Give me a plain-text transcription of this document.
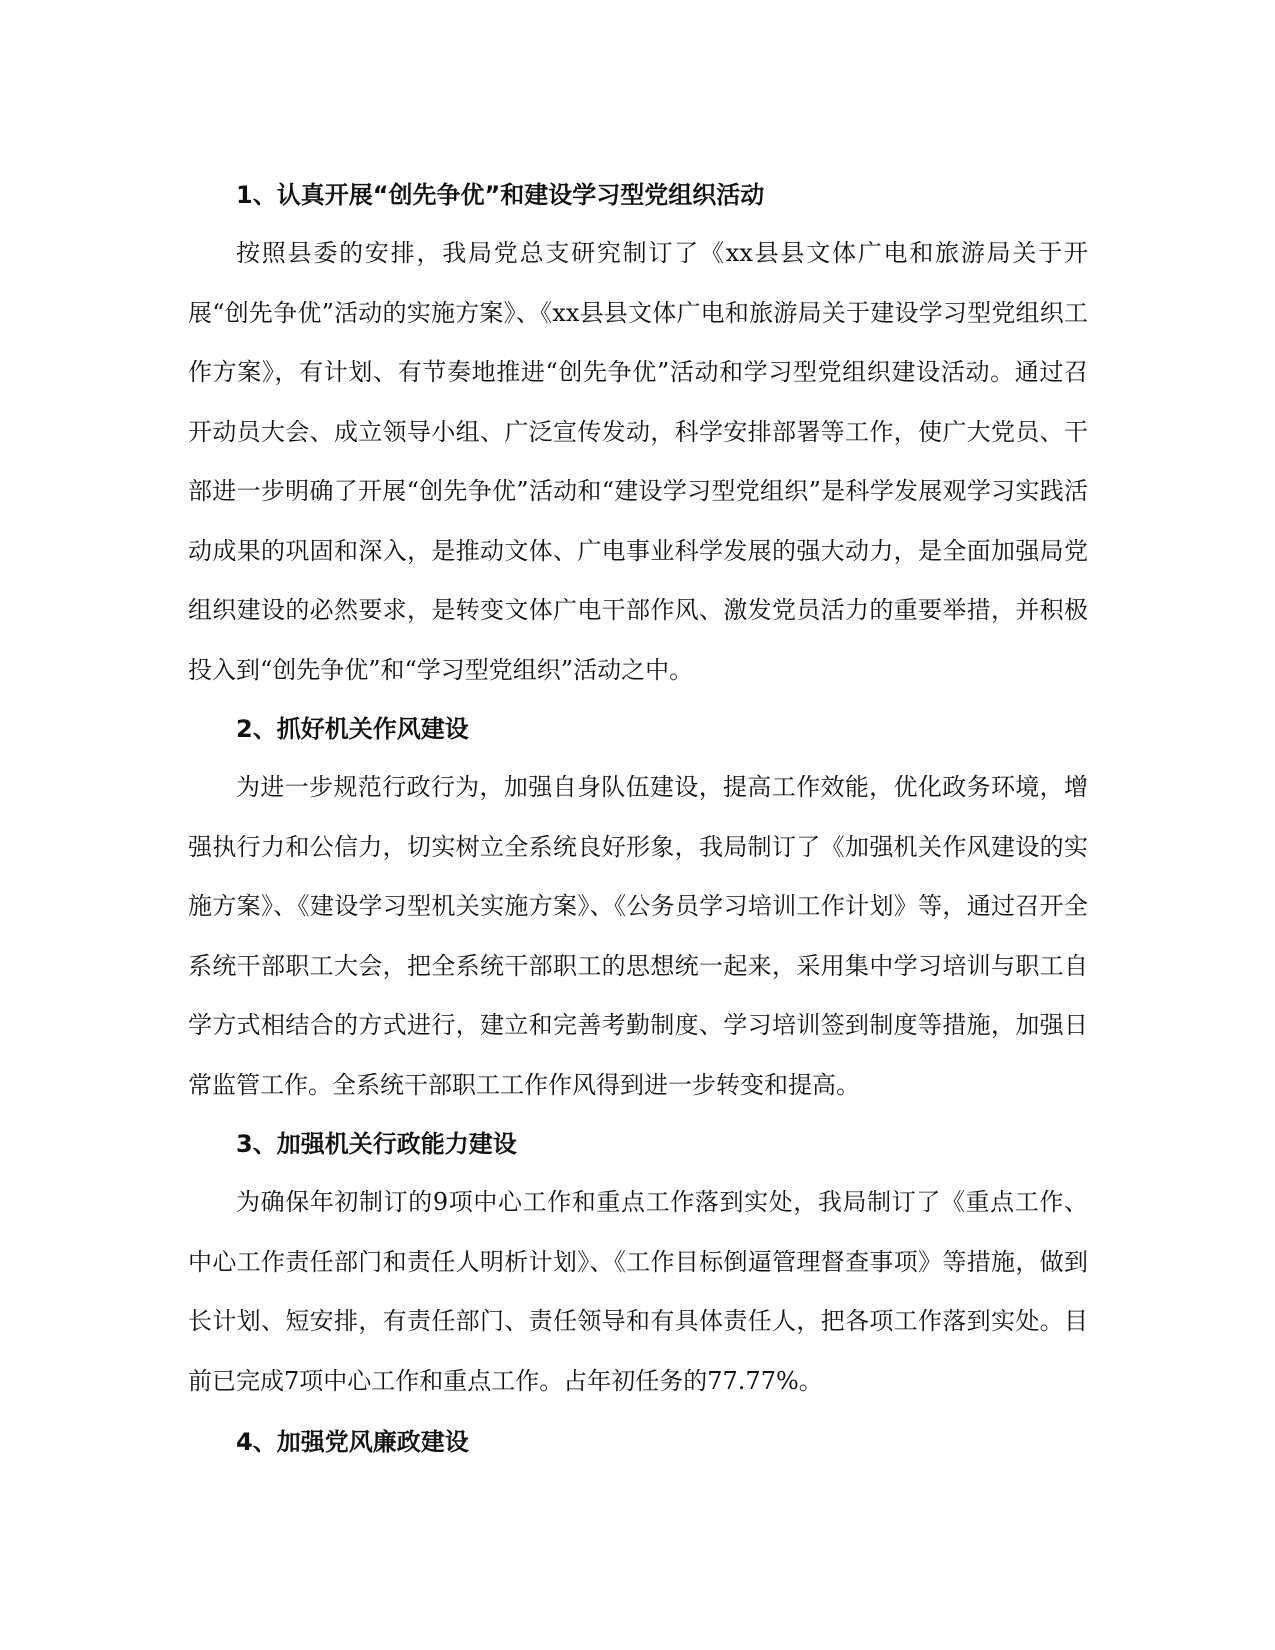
1、认真开展“创先争优”和建设学习型党组织活动

按照县委的安排，我局党总支研究制订了《xx县县文体广电和旅游局关于开展“创先争优”活动的实施方案》、《xx县县文体广电和旅游局关于建设学习型党组织工作方案》，有计划、有节奏地推进“创先争优”活动和学习型党组织建设活动。通过召开动员大会、成立领导小组、广泛宣传发动，科学安排部署等工作，使广大党员、干部进一步明确了开展“创先争优”活动和“建设学习型党组织”是科学发展观学习实践活动成果的巩固和深入，是推动文体、广电事业科学发展的强大动力，是全面加强局党组织建设的必然要求，是转变文体广电干部作风、激发党员活力的重要举措，并积极投入到“创先争优”和“学习型党组织”活动之中。

2、抓好机关作风建设

为进一步规范行政行为，加强自身队伍建设，提高工作效能，优化政务环境，增强执行力和公信力，切实树立全系统良好形象，我局制订了《加强机关作风建设的实施方案》、《建设学习型机关实施方案》、《公务员学习培训工作计划》等，通过召开全系统干部职工大会，把全系统干部职工的思想统一起来，采用集中学习培训与职工自学方式相结合的方式进行，建立和完善考勤制度、学习培训签到制度等措施，加强日常监管工作。全系统干部职工工作作风得到进一步转变和提高。

3、加强机关行政能力建设

为确保年初制订的9项中心工作和重点工作落到实处，我局制订了《重点工作、中心工作责任部门和责任人明析计划》、《工作目标倒逼管理督查事项》等措施，做到长计划、短安排，有责任部门、责任领导和有具体责任人，把各项工作落到实处。目前已完成7项中心工作和重点工作。占年初任务的77.77%。

4、加强党风廉政建设
